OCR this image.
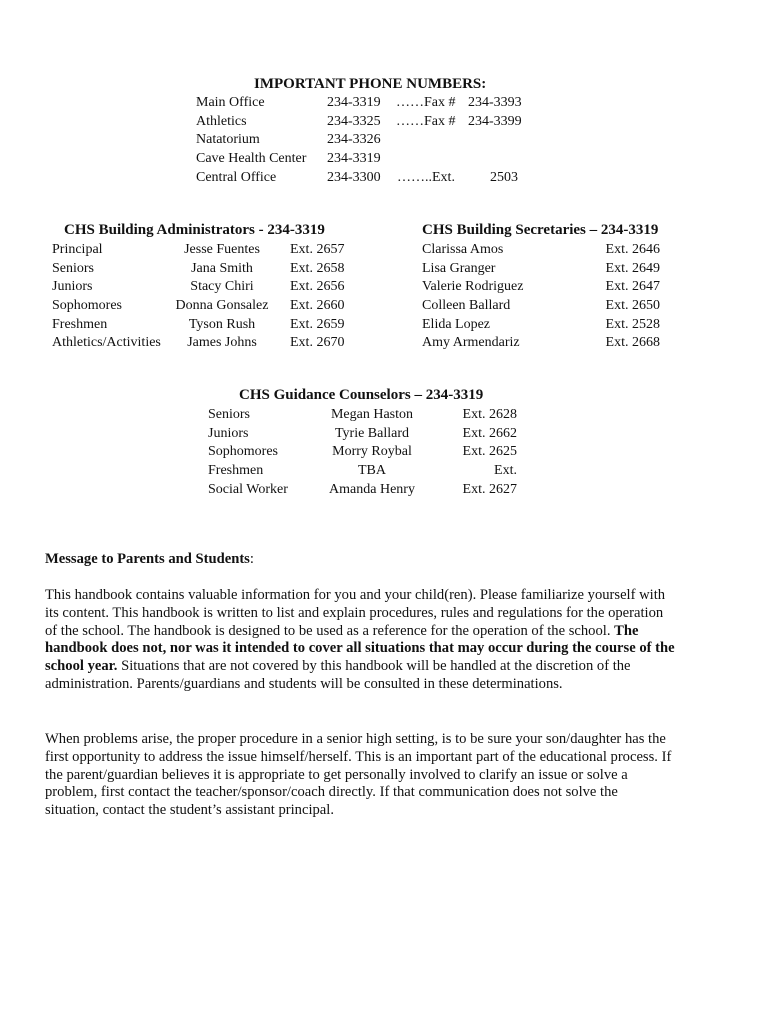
IMPORTANT PHONE NUMBERS:
Main Office	234-3319 ……Fax # 234-3393
Athletics	234-3325 ……Fax # 234-3399
Natatorium	234-3326
Cave Health Center 234-3319
Central Office	234-3300 ……..Ext.	2503
CHS Building Administrators - 234-3319
Principal	Jesse Fuentes	Ext. 2657
Seniors	Jana Smith	Ext. 2658
Juniors	Stacy Chiri	Ext. 2656
Sophomores	Donna Gonsalez Ext. 2660
Freshmen	Tyson Rush	Ext. 2659
Athletics/Activities	James Johns	Ext. 2670
CHS Building Secretaries – 234-3319
Clarissa Amos	Ext. 2646
Lisa Granger	Ext. 2649
Valerie Rodriguez	Ext. 2647
Colleen Ballard	Ext. 2650
Elida Lopez	Ext. 2528
Amy Armendariz	Ext. 2668
CHS Guidance Counselors – 234-3319
Seniors	Megan Haston	Ext. 2628
Juniors	Tyrie Ballard	Ext. 2662
Sophomores	Morry Roybal	Ext. 2625
Freshmen	TBA	Ext.
Social Worker	Amanda Henry	Ext. 2627
Message to Parents and Students:
This handbook contains valuable information for you and your child(ren). Please familiarize yourself with its content. This handbook is written to list and explain procedures, rules and regulations for the operation of the school. The handbook is designed to be used as a reference for the operation of the school. The handbook does not, nor was it intended to cover all situations that may occur during the course of the school year. Situations that are not covered by this handbook will be handled at the discretion of the administration. Parents/guardians and students will be consulted in these determinations.
When problems arise, the proper procedure in a senior high setting, is to be sure your son/daughter has the first opportunity to address the issue himself/herself. This is an important part of the educational process. If the parent/guardian believes it is appropriate to get personally involved to clarify an issue or solve a problem, first contact the teacher/sponsor/coach directly. If that communication does not solve the situation, contact the student’s assistant principal.
